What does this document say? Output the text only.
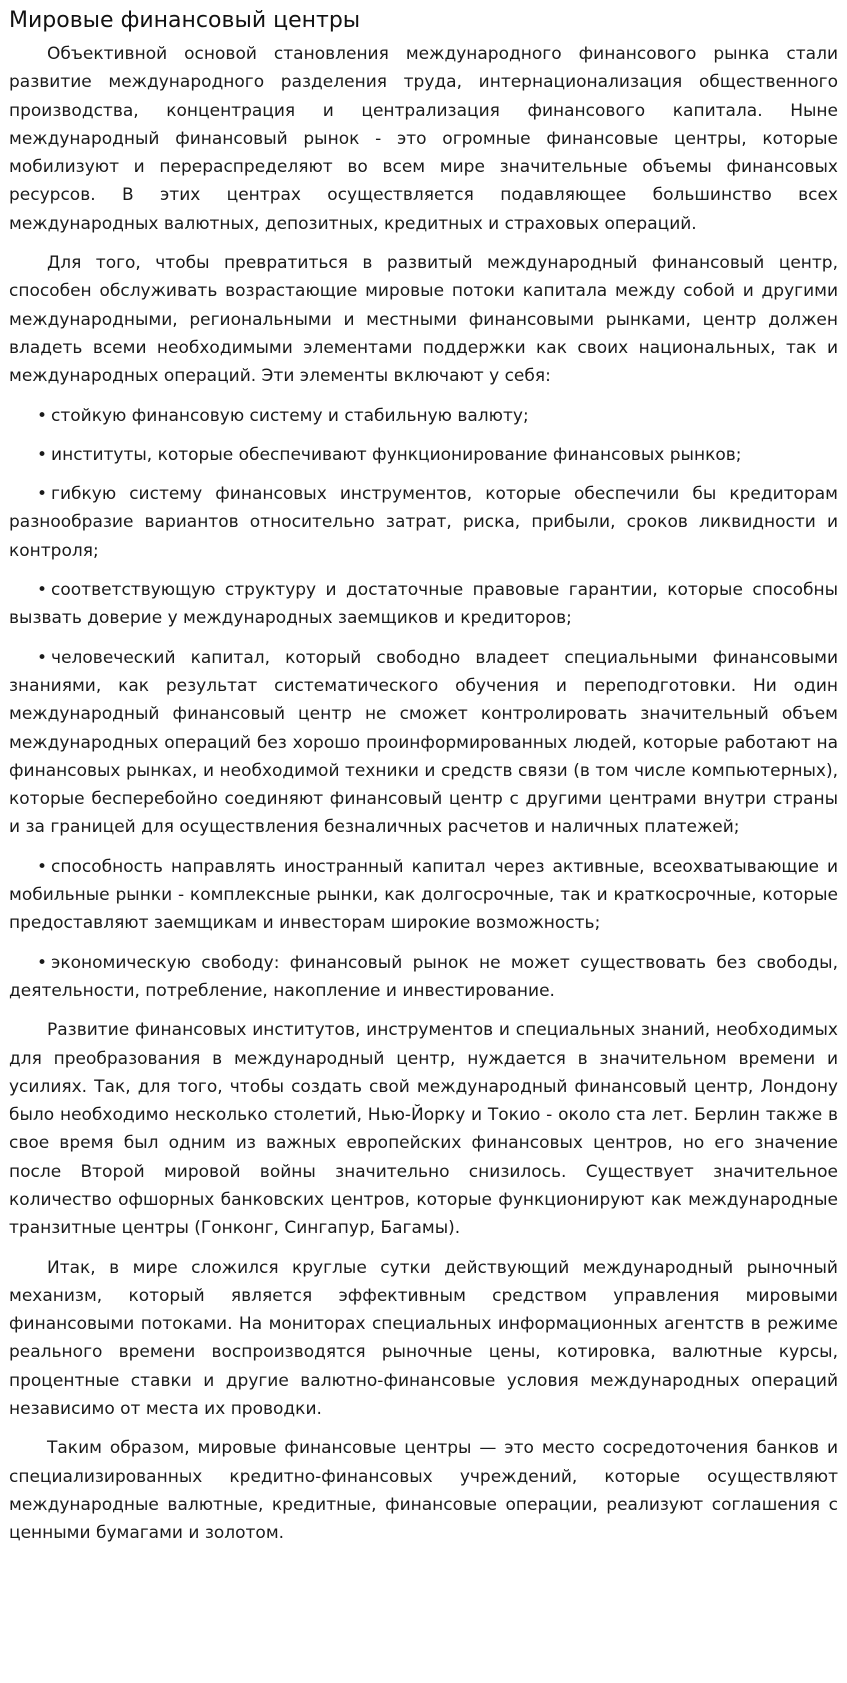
Мировые финансовый центры

Объективной основой становления международного финансового рынка стали развитие международного разделения труда, интернационализация общественного производства, концентрация и централизация финансового капитала. Ныне международный финансовый рынок - это огромные финансовые центры, которые мобилизуют и перераспределяют во всем мире значительные объемы финансовых ресурсов. В этих центрах осуществляется подавляющее большинство всех международных валютных, депозитных, кредитных и страховых операций.

Для того, чтобы превратиться в развитый международный финансовый центр, способен обслуживать возрастающие мировые потоки капитала между собой и другими международными, региональными и местными финансовыми рынками, центр должен владеть всеми необходимыми элементами поддержки как своих национальных, так и международных операций. Эти элементы включают у себя:

• стойкую финансовую систему и стабильную валюту;

• институты, которые обеспечивают функционирование финансовых рынков;

• гибкую систему финансовых инструментов, которые обеспечили бы кредиторам разнообразие вариантов относительно затрат, риска, прибыли, сроков ликвидности и контроля;

• соответствующую структуру и достаточные правовые гарантии, которые способны вызвать доверие у международных заемщиков и кредиторов;

• человеческий капитал, который свободно владеет специальными финансовыми знаниями, как результат систематического обучения и переподготовки. Ни один международный финансовый центр не сможет контролировать значительный объем международных операций без хорошо проинформированных людей, которые работают на финансовых рынках, и необходимой техники и средств связи (в том числе компьютерных), которые бесперебойно соединяют финансовый центр с другими центрами внутри страны и за границей для осуществления безналичных расчетов и наличных платежей;

• способность направлять иностранный капитал через активные, всеохватывающие и мобильные рынки - комплексные рынки, как долгосрочные, так и краткосрочные, которые предоставляют заемщикам и инвесторам широкие возможность;

• экономическую свободу: финансовый рынок не может существовать без свободы, деятельности, потребление, накопление и инвестирование.

Развитие финансовых институтов, инструментов и специальных знаний, необходимых для преобразования в международный центр, нуждается в значительном времени и усилиях. Так, для того, чтобы создать свой международный финансовый центр, Лондону было необходимо несколько столетий, Нью-Йорку и Токио - около ста лет. Берлин также в свое время был одним из важных европейских финансовых центров, но его значение после Второй мировой войны значительно снизилось. Существует значительное количество офшорных банковских центров, которые функционируют как международные транзитные центры (Гонконг, Сингапур, Багамы).

Итак, в мире сложился круглые сутки действующий международный рыночный механизм, который является эффективным средством управления мировыми финансовыми потоками. На мониторах специальных информационных агентств в режиме реального времени воспроизводятся рыночные цены, котировка, валютные курсы, процентные ставки и другие валютно-финансовые условия международных операций независимо от места их проводки.

Таким образом, мировые финансовые центры — это место сосредоточения банков и специализированных кредитно-финансовых учреждений, которые осуществляют международные валютные, кредитные, финансовые операции, реализуют соглашения с ценными бумагами и золотом.
